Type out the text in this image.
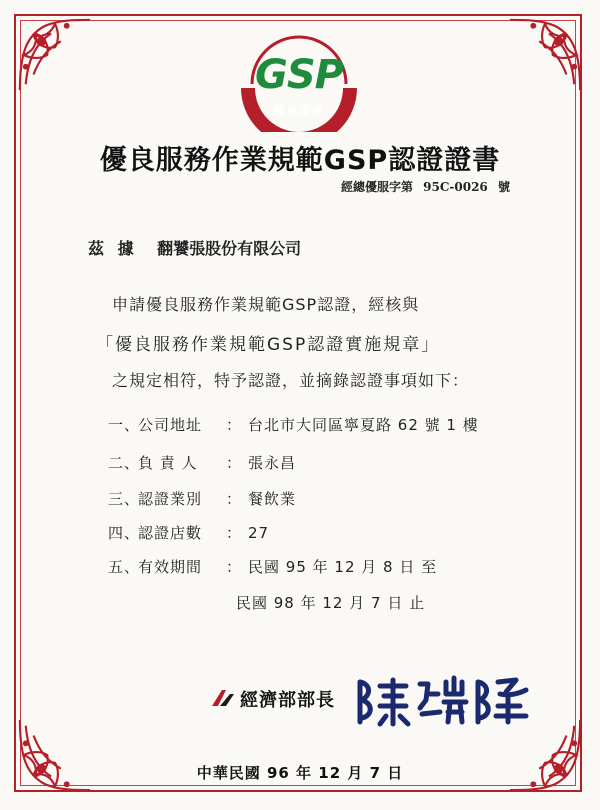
GSP
優良服務
優良服務作業規範GSP認證證書
經總優服字第 95C-0026 號
茲 據 翻饕張股份有限公司
申請優良服務作業規範GSP認證，經核與
「優良服務作業規範GSP認證實施規章」
之規定相符，特予認證，並摘錄認證事項如下：
一、公司地址 ： 台北市大同區寧夏路 62 號 1 樓
二、負 責 人 ： 張永昌
三、認證業別 ： 餐飲業
四、認證店數 ： 27
五、有效期間 ： 民國 95 年 12 月 8 日 至
民國 98 年 12 月 7 日 止
經濟部部長
中華民國 96 年 12 月 7 日
